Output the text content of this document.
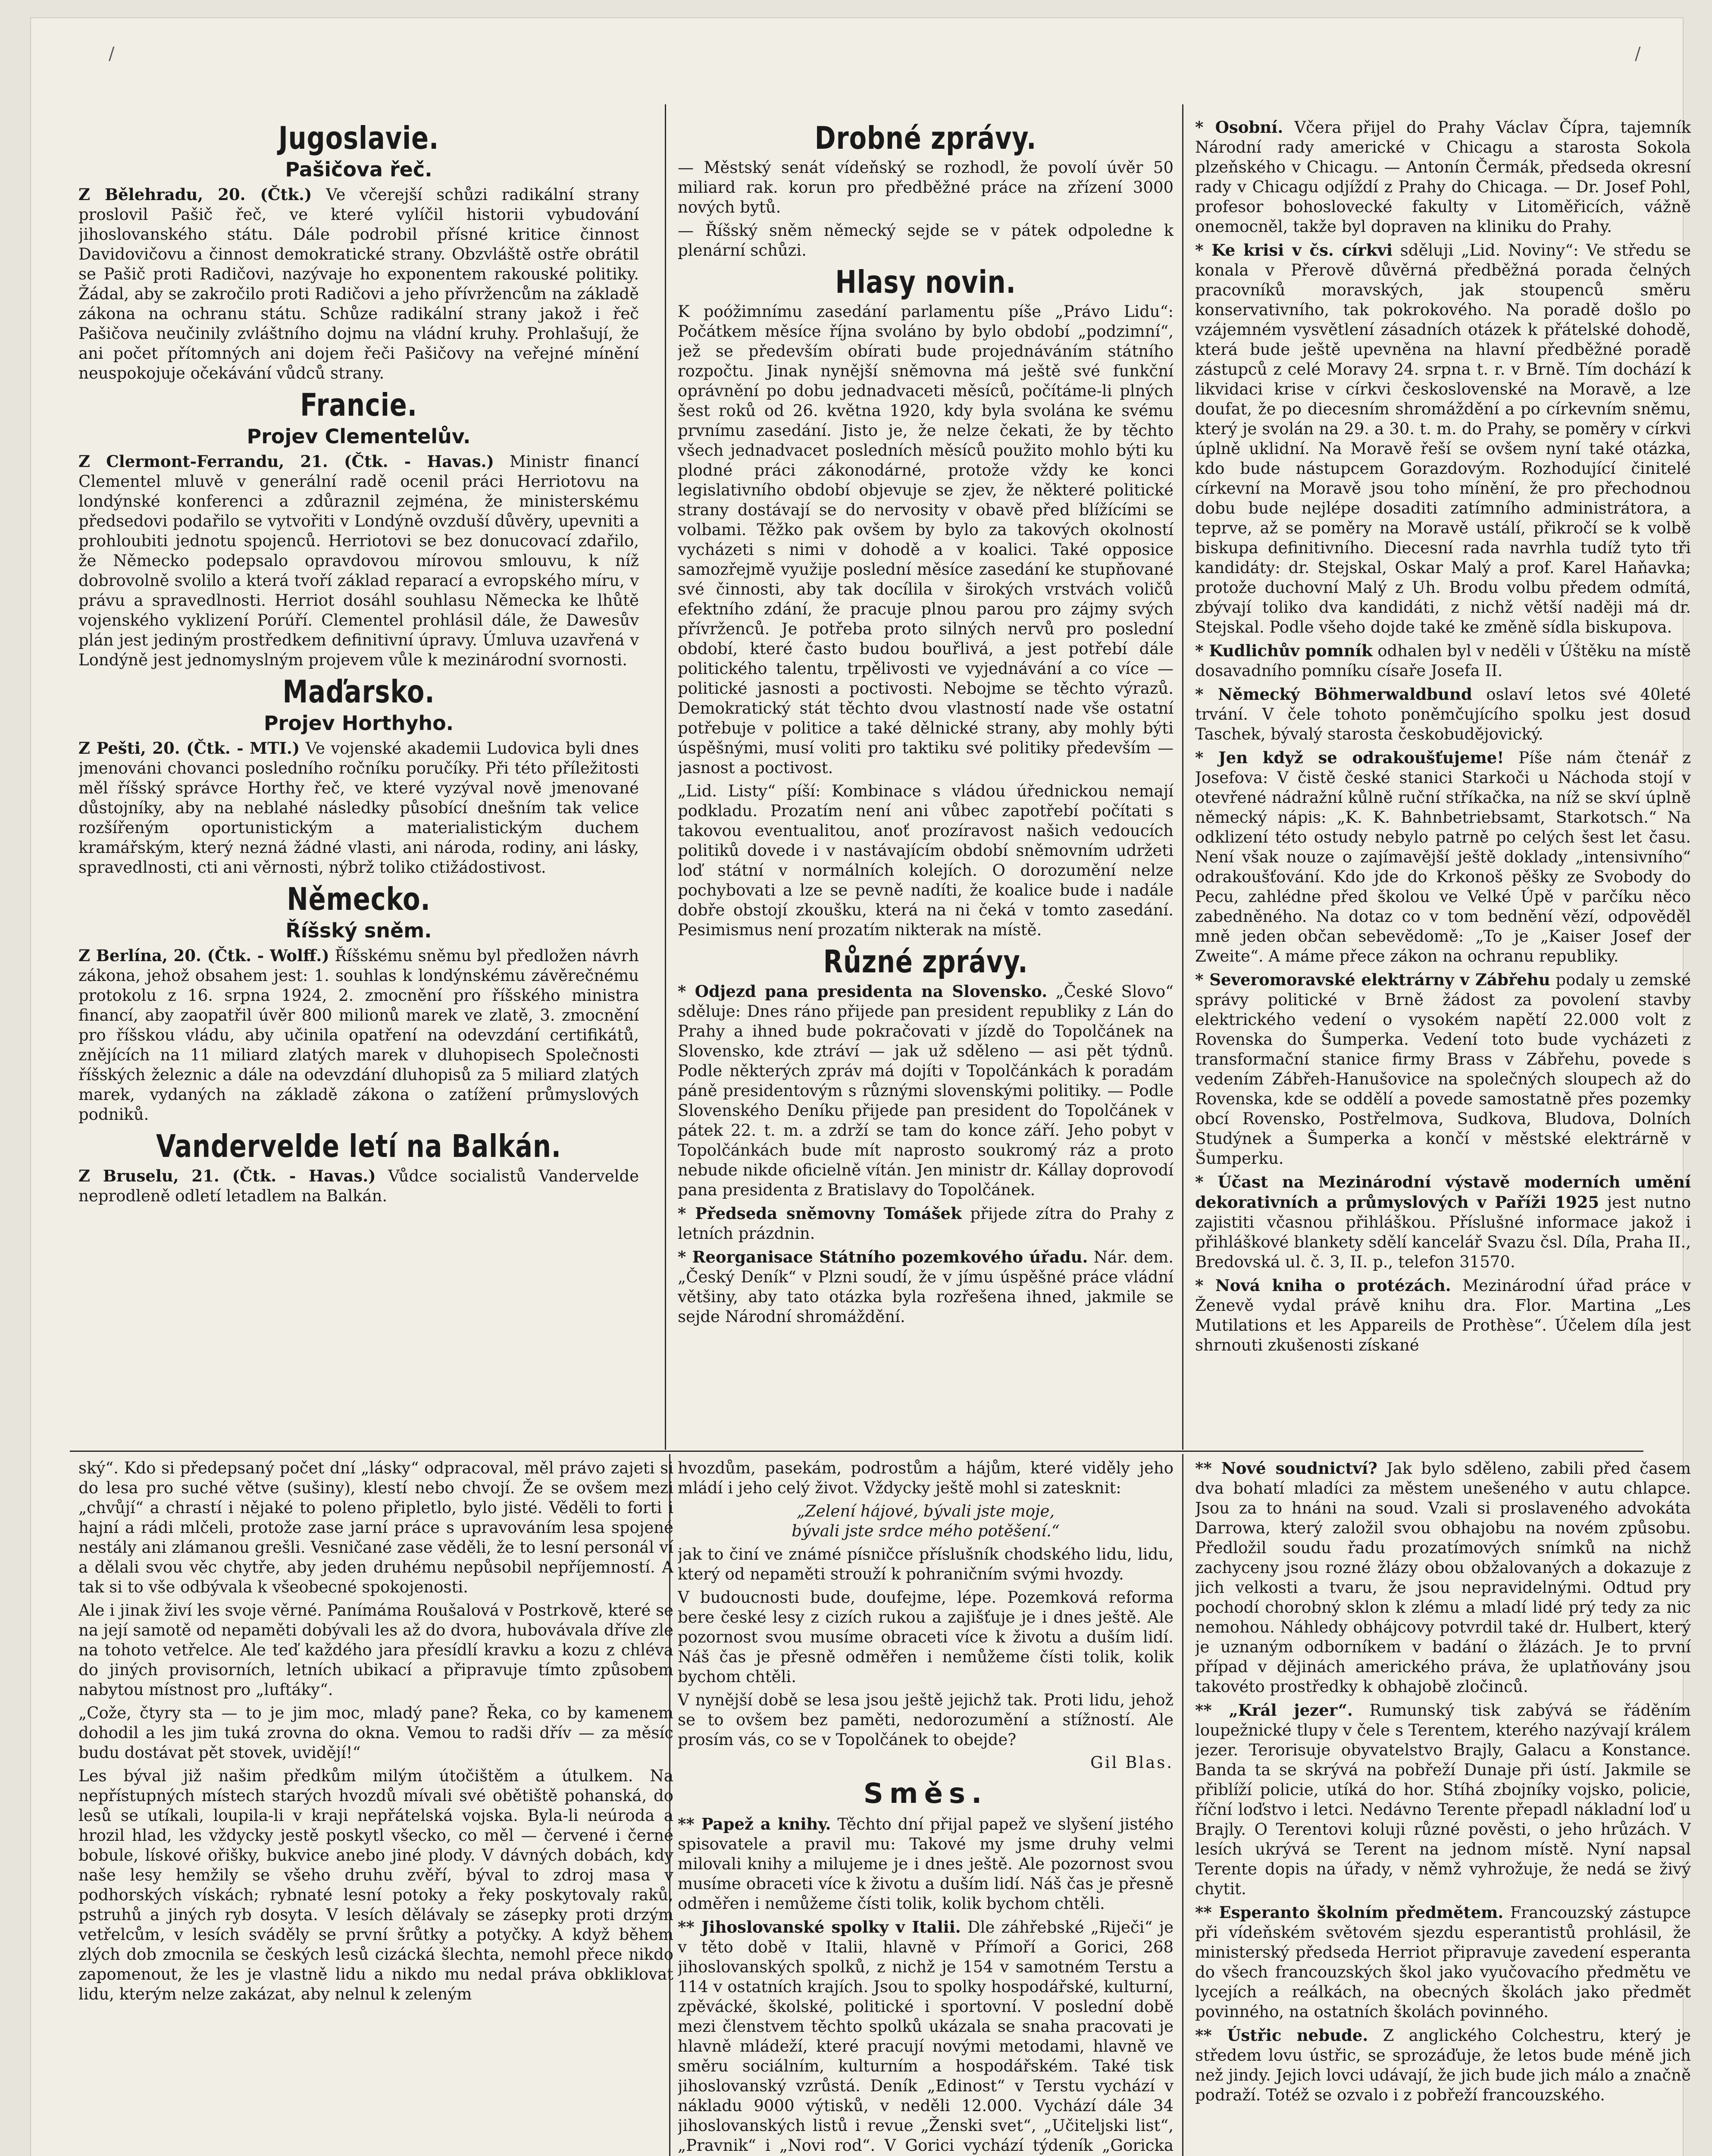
/	/
Jugoslavie.
Pašičova řeč.

Z Bělehradu, 20. (Čtk.) Ve včerejší schůzi radikální strany proslovil Pašič řeč, ve které vylíčil historii vybudování jihoslovanského státu. Dále podrobil přísné kritice činnost Davidovičovu a činnost demokratické strany. Obzvláště ostře obrátil se Pašič proti Radičovi, nazývaje ho exponentem rakouské politiky. Žádal, aby se zakročilo proti Radičovi a jeho přívržencům na základě zákona na ochranu státu. Schůze radikální strany jakož i řeč Pašičova neučinily zvláštního dojmu na vládní kruhy. Prohlašují, že ani počet přítomných ani dojem řeči Pašičovy na veřejné mínění neuspokojuje očekávání vůdců strany.

Francie.
Projev Clementelův.

Z Clermont-Ferrandu, 21. (Čtk. - Havas.) Ministr financí Clementel mluvě v generální radě ocenil práci Herriotovu na londýnské konferenci a zdůraznil zejména, že ministerskému předsedovi podařilo se vytvořiti v Londýně ovzduší důvěry, upevniti a prohloubiti jednotu spojenců. Herriotovi se bez donucovací zdařilo, že Německo podepsalo opravdovou mírovou smlouvu, k níž dobrovolně svolilo a která tvoří základ reparací a evropského míru, v právu a spravedlnosti. Herriot dosáhl souhlasu Německa ke lhůtě vojenského vyklizení Porúří. Clementel prohlásil dále, že Dawesův plán jest jediným prostředkem definitivní úpravy. Úmluva uzavřená v Londýně jest jednomyslným projevem vůle k mezinárodní svornosti.

Maďarsko.
Projev Horthyho.

Z Pešti, 20. (Čtk. - MTI.) Ve vojenské akademii Ludovica byli dnes jmenováni chovanci posledního ročníku poručíky. Při této příležitosti měl říšský správce Horthy řeč, ve které vyzýval nově jmenované důstojníky, aby na neblahé následky působící dnešním tak velice rozšířeným oportunistickým a materialistickým duchem kramářským, který nezná žádné vlasti, ani národa, rodiny, ani lásky, spravedlnosti, cti ani věrnosti, nýbrž toliko ctižádostivost.

Německo.
Říšský sněm.

Z Berlína, 20. (Čtk. - Wolff.) Říšskému sněmu byl předložen návrh zákona, jehož obsahem jest: 1. souhlas k londýnskému závěrečnému protokolu z 16. srpna 1924, 2. zmocnění pro říšského ministra financí, aby zaopatřil úvěr 800 milionů marek ve zlatě, 3. zmocnění pro říšskou vládu, aby učinila opatření na odevzdání certifikátů, znějících na 11 miliard zlatých marek v dluhopisech Společnosti říšských železnic a dále na odevzdání dluhopisů za 5 miliard zlatých marek, vydaných na základě zákona o zatížení průmyslových podniků.

Vandervelde letí na Balkán.

Z Bruselu, 21. (Čtk. - Havas.) Vůdce socialistů Vandervelde neprodleně odletí letadlem na Balkán.

Drobné zprávy.

— Městský senát vídeňský se rozhodl, že povolí úvěr 50 miliard rak. korun pro předběžné práce na zřízení 3000 nových bytů.

— Říšský sněm německý sejde se v pátek odpoledne k plenární schůzi.

Hlasy novin.

K poóžimnímu zasedání parlamentu píše „Právo Lidu“: Počátkem měsíce října svoláno by bylo období „podzimní“, jež se především obírati bude projednáváním státního rozpočtu. Jinak nynější sněmovna má ještě své funkční oprávnění po dobu jednadvaceti měsíců, počítáme-li plných šest roků od 26. května 1920, kdy byla svolána ke svému prvnímu zasedání. Jisto je, že nelze čekati, že by těchto všech jednadvacet posledních měsíců použito mohlo býti ku plodné práci zákonodárné, protože vždy ke konci legislativního období objevuje se zjev, že některé politické strany dostávají se do nervosity v obavě před blížícími se volbami. Těžko pak ovšem by bylo za takových okolností vycházeti s nimi v dohodě a v koalici. Také opposice samozřejmě využije poslední měsíce zasedání ke stupňované své činnosti, aby tak docílila v širokých vrstvách voličů efektního zdání, že pracuje plnou parou pro zájmy svých přívrženců. Je potřeba proto silných nervů pro poslední období, které často budou bouřlivá, a jest potřebí dále politického talentu, trpělivosti ve vyjednávání a co více — politické jasnosti a poctivosti. Nebojme se těchto výrazů. Demokratický stát těchto dvou vlastností nade vše ostatní potřebuje v politice a také dělnické strany, aby mohly býti úspěšnými, musí voliti pro taktiku své politiky především — jasnost a poctivost.

„Lid. Listy“ píší: Kombinace s vládou úřednickou nemají podkladu. Prozatím není ani vůbec zapotřebí počítati s takovou eventualitou, anoť prozíravost našich vedoucích politiků dovede i v nastávajícím období sněmovním udržeti loď státní v normálních kolejích. O dorozumění nelze pochybovati a lze se pevně nadíti, že koalice bude i nadále dobře obstojí zkoušku, která na ni čeká v tomto zasedání. Pesimismus není prozatím nikterak na místě.

Různé zprávy.

* Odjezd pana presidenta na Slovensko. „České Slovo“ sděluje: Dnes ráno přijede pan president republiky z Lán do Prahy a ihned bude pokračovati v jízdě do Topolčánek na Slovensko, kde ztráví — jak už sděleno — asi pět týdnů. Podle některých zpráv má dojíti v Topolčánkách k poradám páně presidentovým s různými slovenskými politiky. — Podle Slovenského Deníku přijede pan president do Topolčánek v pátek 22. t. m. a zdrží se tam do konce září. Jeho pobyt v Topolčánkách bude mít naprosto soukromý ráz a proto nebude nikde oficielně vítán. Jen ministr dr. Kállay doprovodí pana presidenta z Bratislavy do Topolčánek.

* Předseda sněmovny Tomášek přijede zítra do Prahy z letních prázdnin.

* Reorganisace Státního pozemkového úřadu. Nár. dem. „Český Deník“ v Plzni soudí, že v jímu úspěšné práce vládní většiny, aby tato otázka byla rozřešena ihned, jakmile se sejde Národní shromáždění.

* Osobní. Včera přijel do Prahy Václav Čípra, tajemník Národní rady americké v Chicagu a starosta Sokola plzeňského v Chicagu. — Antonín Čermák, předseda okresní rady v Chicagu odjíždí z Prahy do Chicaga. — Dr. Josef Pohl, profesor bohoslovecké fakulty v Litoměřicích, vážně onemocněl, takže byl dopraven na kliniku do Prahy.

* Ke krisi v čs. církvi sděluji „Lid. Noviny“: Ve středu se konala v Přerově důvěrná předběžná porada čelných pracovníků moravských, jak stoupenců směru konservativního, tak pokrokového. Na poradě došlo po vzájemném vysvětlení zásadních otázek k přátelské dohodě, která bude ještě upevněna na hlavní předběžné poradě zástupců z celé Moravy 24. srpna t. r. v Brně. Tím dochází k likvidaci krise v církvi československé na Moravě, a lze doufat, že po diecesním shromáždění a po církevním sněmu, který je svolán na 29. a 30. t. m. do Prahy, se poměry v církvi úplně uklidní. Na Moravě řeší se ovšem nyní také otázka, kdo bude nástupcem Gorazdovým. Rozhodující činitelé církevní na Moravě jsou toho mínění, že pro přechodnou dobu bude nejlépe dosaditi zatímního administrátora, a teprve, až se poměry na Moravě ustálí, přikročí se k volbě biskupa definitivního. Diecesní rada navrhla tudíž tyto tři kandidáty: dr. Stejskal, Oskar Malý a prof. Karel Haňavka; protože duchovní Malý z Uh. Brodu volbu předem odmítá, zbývají toliko dva kandidáti, z nichž větší naději má dr. Stejskal. Podle všeho dojde také ke změně sídla biskupova.

* Kudlichův pomník odhalen byl v neděli v Úštěku na místě dosavadního pomníku císaře Josefa II.

* Německý Böhmerwaldbund oslaví letos své 40leté trvání. V čele tohoto poněmčujícího spolku jest dosud Taschek, bývalý starosta českobudějovický.

* Jen když se odrakoušťujeme! Píše nám čtenář z Josefova: V čistě české stanici Starkoči u Náchoda stojí v otevřené nádražní kůlně ruční stříkačka, na níž se skví úplně německý nápis: „K. K. Bahnbetriebsamt, Starkotsch.“ Na odklizení této ostudy nebylo patrně po celých šest let času. Není však nouze o zajímavější ještě doklady „intensivního“ odrakoušťování. Kdo jde do Krkonoš pěšky ze Svobody do Pecu, zahlédne před školou ve Velké Úpě v parčíku něco zabedněného. Na dotaz co v tom bednění vězí, odpověděl mně jeden občan sebevědomě: „To je „Kaiser Josef der Zweite“. A máme přece zákon na ochranu republiky.

* Severomoravské elektrárny v Zábřehu podaly u zemské správy politické v Brně žádost za povolení stavby elektrického vedení o vysokém napětí 22.000 volt z Rovenska do Šumperka. Vedení toto bude vycházeti z transformační stanice firmy Brass v Zábřehu, povede s vedením Zábřeh-Hanušovice na společných sloupech až do Rovenska, kde se oddělí a povede samostatně přes pozemky obcí Rovensko, Postřelmova, Sudkova, Bludova, Dolních Studýnek a Šumperka a končí v městské elektrárně v Šumperku.

* Účast na Mezinárodní výstavě moderních umění dekorativních a průmyslových v Paříži 1925 jest nutno zajistiti včasnou přihláškou. Příslušné informace jakož i přihláškové blankety sdělí kancelář Svazu čsl. Díla, Praha II., Bredovská ul. č. 3, II. p., telefon 31570.

* Nová kniha o protézách. Mezinárodní úřad práce v Ženevě vydal právě knihu dra. Flor. Martina „Les Mutilations et les Appareils de Prothèse“. Účelem díla jest shrnouti zkušenosti získané

ský“. Kdo si předepsaný počet dní „lásky“ odpracoval, měl právo zajeti si do lesa pro suché větve (sušiny), klestí nebo chvojí. Že se ovšem mezi „chvůjí“ a chrastí i nějaké to poleno připletlo, bylo jisté. Věděli to forti i hajní a rádi mlčeli, protože zase jarní práce s upravováním lesa spojené nestály ani zlámanou grešli. Vesničané zase věděli, že to lesní personál ví a dělali svou věc chytře, aby jeden druhému nepůsobil nepříjemností. A tak si to vše odbývala k všeobecné spokojenosti.

Ale i jinak živí les svoje věrné. Panímáma Roušalová v Postrkově, které se na její samotě od nepaměti dobývali les až do dvora, hubovávala dříve zle na tohoto vetřelce. Ale teď každého jara přesídlí kravku a kozu z chléva do jiných provisorních, letních ubikací a připravuje tímto způsobem nabytou místnost pro „luftáky“.

„Cože, čtyry sta — to je jim moc, mladý pane? Řeka, co by kamenem dohodil a les jim tuká zrovna do okna. Vemou to radši dřív — za měsíc budu dostávat pět stovek, uvidějí!“

Les býval již našim předkům milým útočištěm a útulkem. Na nepřístupných místech starých hvozdů mívali své obětiště pohanská, do lesů se utíkali, loupila-li v kraji nepřátelská vojska. Byla-li neúroda a hrozil hlad, les vždycky jestě poskytl všecko, co měl — červené i černé bobule, lískové ořišky, bukvice anebo jiné plody. V dávných dobách, kdy naše lesy hemžily se všeho druhu zvěří, býval to zdroj masa v podhorských vískách; rybnaté lesní potoky a řeky poskytovaly raků, pstruhů a jiných ryb dosyta. V lesích dělávaly se zásepky proti drzým vetřelcům, v lesích sváděly se první šrůtky a potyčky. A když během zlých dob zmocnila se českých lesů cizácká šlechta, nemohl přece nikdo zapomenout, že les je vlastně lidu a nikdo mu nedal práva obkliklovat lidu, kterým nelze zakázat, aby nelnul k zeleným

hvozdům, pasekám, podrostům a hájům, které viděly jeho mládí i jeho celý život. Vždycky ještě mohl si zatesknit:

„Zelení hájové, bývali jste moje,

bývali jste srdce mého potěšení.“

jak to činí ve známé písničce příslušník chodského lidu, lidu, který od nepaměti strouží k pohraničním svými hvozdy.

V budoucnosti bude, doufejme, lépe. Pozemková reforma bere české lesy z cizích rukou a zajišťuje je i dnes ještě. Ale pozornost svou musíme obraceti více k životu a duším lidí. Náš čas je přesně odměřen i nemůžeme čísti tolik, kolik bychom chtěli.

V nynější době se lesa jsou ještě jejichž tak. Proti lidu, jehož se to ovšem bez paměti, nedorozumění a stížností. Ale prosím vás, co se v Topolčánek to obejde?

Gil Blas.
Směs.

** Papež a knihy. Těchto dní přijal papež ve slyšení jistého spisovatele a pravil mu: Takové my jsme druhy velmi milovali knihy a milujeme je i dnes ještě. Ale pozornost svou musíme obraceti více k životu a duším lidí. Náš čas je přesně odměřen i nemůžeme čísti tolik, kolik bychom chtěli.

** Jihoslovanské spolky v Italii. Dle záhřebské „Riječi“ je v těto době v Italii, hlavně v Přímoří a Gorici, 268 jihoslovanských spolků, z nichž je 154 v samotném Terstu a 114 v ostatních krajích. Jsou to spolky hospodářské, kulturní, zpěvácké, školské, politické i sportovní. V poslední době mezi členstvem těchto spolků ukázala se snaha pracovati je hlavně mládeží, které pracují novými metodami, hlavně ve směru sociálním, kulturním a hospodářském. Také tisk jihoslovanský vzrůstá. Deník „Edinost“ v Terstu vychází v nákladu 9000 výtisků, v neděli 12.000. Vychází dále 34 jihoslovanských listů i revue „Ženski svet“, „Učiteljski list“, „Pravnik“ i „Novi rod“. V Gorici vychází týdeník „Goricka

** Nové soudnictví? Jak bylo sděleno, zabili před časem dva bohatí mladíci za městem unešeného v autu chlapce. Jsou za to hnáni na soud. Vzali si proslaveného advokáta Darrowa, který založil svou obhajobu na novém způsobu. Předložil soudu řadu prozatímových snímků na nichž zachyceny jsou rozné žlázy obou obžalovaných a dokazuje z jich velkosti a tvaru, že jsou nepravidelnými. Odtud pry pochodí chorobný sklon k zlému a mladí lidé prý tedy za nic nemohou. Náhledy obhájcovy potvrdil také dr. Hulbert, který je uznaným odborníkem v badání o žlázách. Je to první případ v dějinách amerického práva, že uplatňovány jsou takovéto prostředky k obhajobě zločinců.

** „Král jezer“. Rumunský tisk zabývá se řáděním loupežnické tlupy v čele s Terentem, kterého nazývají králem jezer. Terorisuje obyvatelstvo Brajly, Galacu a Konstance. Banda ta se skrývá na pobřeží Dunaje při ústí. Jakmile se přiblíží policie, utíká do hor. Stíhá zbojníky vojsko, policie, říční loďstvo i letci. Nedávno Terente přepadl nákladní loď u Brajly. O Terentovi koluji různé pověsti, o jeho hrůzách. V lesích ukrývá se Terent na jednom místě. Nyní napsal Terente dopis na úřady, v němž vyhrožuje, že nedá se živý chytit.

** Esperanto školním předmětem. Francouzský zástupce při vídeňském světovém sjezdu esperantistů prohlásil, že ministerský předseda Herriot připravuje zavedení esperanta do všech francouzských škol jako vyučovacího předmětu ve lycejích a reálkách, na obecných školách jako předmět povinného, na ostatních školách povinného.

** Ústřic nebude. Z anglického Colchestru, který je středem lovu ústřic, se sprozáďuje, že letos bude méně jich než jindy. Jejich lovci udávají, že jich bude jich málo a značně podraží. Totéž se ozvalo i z pobřeží francouzského.
